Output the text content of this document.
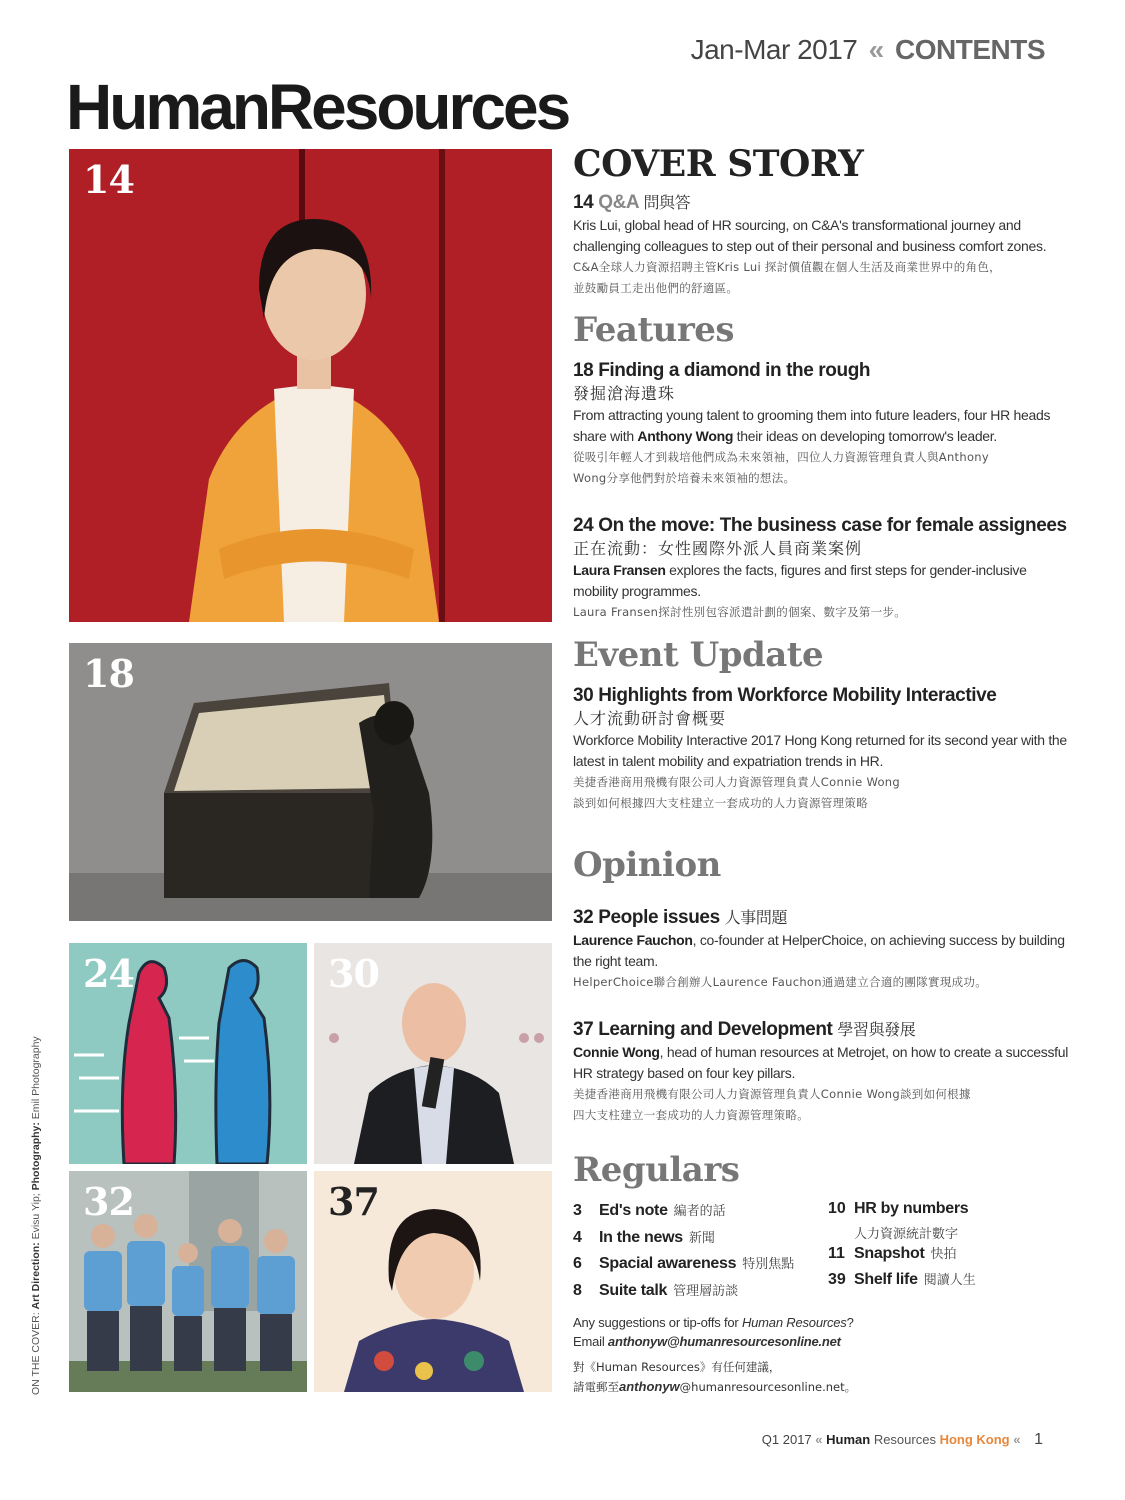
Jan-Mar 2017 « CONTENTS
HumanResources
14
18
24	30
32	37
ON THE COVER: Art Direction: Evisu Yip; Photography: Emil Photography
COVER STORY
14 Q&A 問與答
Kris Lui, global head of HR sourcing, on C&A's transformational journey and challenging colleagues to step out of their personal and business comfort zones.
C&A全球人力資源招聘主管Kris Lui 探討價值觀在個人生活及商業世界中的角色，
並鼓勵員工走出他們的舒適區。
Features
18 Finding a diamond in the rough
發掘滄海遺珠
From attracting young talent to grooming them into future leaders, four HR heads share with Anthony Wong their ideas on developing tomorrow's leader.
從吸引年輕人才到栽培他們成為未來領袖，四位人力資源管理負責人與Anthony
Wong分享他們對於培養未來領袖的想法。
24 On the move: The business case for female assignees
正在流動：女性國際外派人員商業案例
Laura Fransen explores the facts, figures and first steps for gender-inclusive mobility programmes.
Laura Fransen探討性別包容派遣計劃的個案、數字及第一步。
Event Update
30 Highlights from Workforce Mobility Interactive
人才流動研討會概要
Workforce Mobility Interactive 2017 Hong Kong returned for its second year with the latest in talent mobility and expatriation trends in HR.
美捷香港商用飛機有限公司人力資源管理負責人Connie Wong
談到如何根據四大支柱建立一套成功的人力資源管理策略
Opinion
32 People issues 人事問題
Laurence Fauchon, co-founder at HelperChoice, on achieving success by building the right team.
HelperChoice聯合創辦人Laurence Fauchon通過建立合適的團隊實現成功。
37 Learning and Development 學習與發展
Connie Wong, head of human resources at Metrojet, on how to create a successful HR strategy based on four key pillars.
美捷香港商用飛機有限公司人力資源管理負責人Connie Wong談到如何根據
四大支柱建立一套成功的人力資源管理策略。
Regulars
3	Ed's note 編者的話
4	In the news 新聞
6	Spacial awareness 特別焦點
8	Suite talk 管理層訪談
10 HR by numbers
人力資源統計數字
11 Snapshot 快拍
39 Shelf life 閱讀人生
Any suggestions or tip-offs for Human Resources?
Email anthonyw@humanresourcesonline.net
對《Human Resources》有任何建議，
請電郵至anthonyw@humanresourcesonline.net。
Q1 2017 « Human Resources Hong Kong « 1
